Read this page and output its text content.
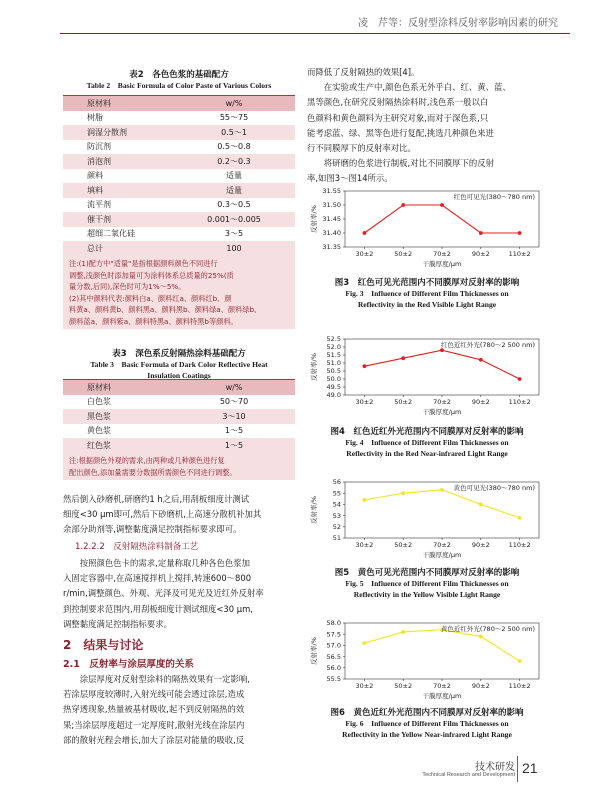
凌　芹等：反射型涂料反射率影响因素的研究
表2　各色色浆的基础配方
Table 2　Basic Formula of Color Paste of Various Colors
原材料	w/%
树脂	55～75
润湿分散剂	0.5～1
防沉剂	0.5～0.8
消泡剂	0.2～0.3
颜料	适量
填料	适量
流平剂	0.3～0.5
催干剂	0.001～0.005
超细二氧化硅	3～5
总计	100
注:(1)配方中"适量"是指根据颜料颜色不同进行
调整,浅颜色时添加量可为涂料体系总质量的25%(质
量分数,后同),深色时可为1%～5%。
(2)其中颜料代表:颜料白a、颜料红a、颜料红b、颜
料黄a、颜料黄b、颜料黑a、颜料黑b、颜料绿a、颜料绿b、
颜料蓝a、颜料紫a、颜料特黑a、颜料特黑b等颜料。
表3　深色系反射隔热涂料基础配方
Table 3　Basic Formula of Dark Color Reflective Heat
Insulation Coatings
原材料	w/%
白色浆	50～70
黑色浆	3～10
黄色浆	1～5
红色浆	1～5
注:根据颜色外观的需求,由两种或几种颜色进行复
配出颜色,添加量需要分数据所需颜色不同进行调整。
然后倒入砂磨机,研磨约1 h之后,用刮板细度计测试
细度<30 μm即可,然后下砂磨机,上高速分散机补加其
余部分助剂等,调整黏度满足控制指标要求即可。
1.2.2.2　反射隔热涂料制备工艺
按照颜色色卡的需求,定量称取几种各色色浆加
入固定容器中,在高速搅拌机上搅拌,转速600～800
r/min,调整颜色、外观、光泽及可见光及近红外反射率
到控制要求范围内,用刮板细度计测试细度<30 μm,
调整黏度满足控制指标要求。
2　结果与讨论
2.1　反射率与涂层厚度的关系
涂层厚度对反射型涂料的隔热效果有一定影响,
若涂层厚度较薄时,入射光线可能会透过涂层,造成
热穿透现象,热量被基材吸收,起不到反射隔热的效
果;当涂层厚度超过一定厚度时,散射光线在涂层内
部的散射光程会增长,加大了涂层对能量的吸收,反
而降低了反射隔热的效果[4]。
在实验或生产中,颜色色系无外乎白、红、黄、蓝、
黑等颜色,在研究反射隔热涂料时,浅色系一般以白
色颜料和黄色颜料为主研究对象,而对于深色系,只
能考虑蓝、绿、黑等色进行复配,挑选几种颜色来进
行不同膜厚下的反射率对比。
将研磨的色浆进行制板,对比不同膜厚下的反射
率,如图3～图14所示。
31.35
31.40
31.45
31.50
31.55
30±2	50±2	70±2	90±2	110±2
红色可见光(380～780 nm)
干膜厚度/μm
反射率/%
图3　红色可见光范围内不同膜厚对反射率的影响
Fig. 3　Influence of Different Film Thicknesses on
Reflectivity in the Red Visible Light Range
49.0
49.5
50.0
50.5
51.0
51.5
52.0
52.5
30±2	50±2	70±2	90±2	110±2
红色近红外光(780～2 500 nm)
干膜厚度/μm
反射率/%
图4　红色近红外光范围内不同膜厚对反射率的影响
Fig. 4　Influence of Different Film Thicknesses on
Reflectivity in the Red Near-infrared Light Range
51
52
53
54
55
56
30±2	50±2	70±2	90±2	110±2
黄色可见光(380～780 nm)
干膜厚度/μm
反射率/%
图5　黄色可见光范围内不同膜厚对反射率的影响
Fig. 5　Influence of Different Film Thicknesses on
Reflectivity in the Yellow Visible Light Range
55.5
56.0
56.5
57.0
57.5
58.0
30±2	50±2	70±2	90±2	110±2
黄色近红外光(780～2 500 nm)
干膜厚度/μm
反射率/%
图6　黄色近红外光范围内不同膜厚对反射率的影响
Fig. 6　Influence of Different Film Thicknesses on
Reflectivity in the Yellow Near-infrared Light Range
技术研发
Technical Research and Development 21
